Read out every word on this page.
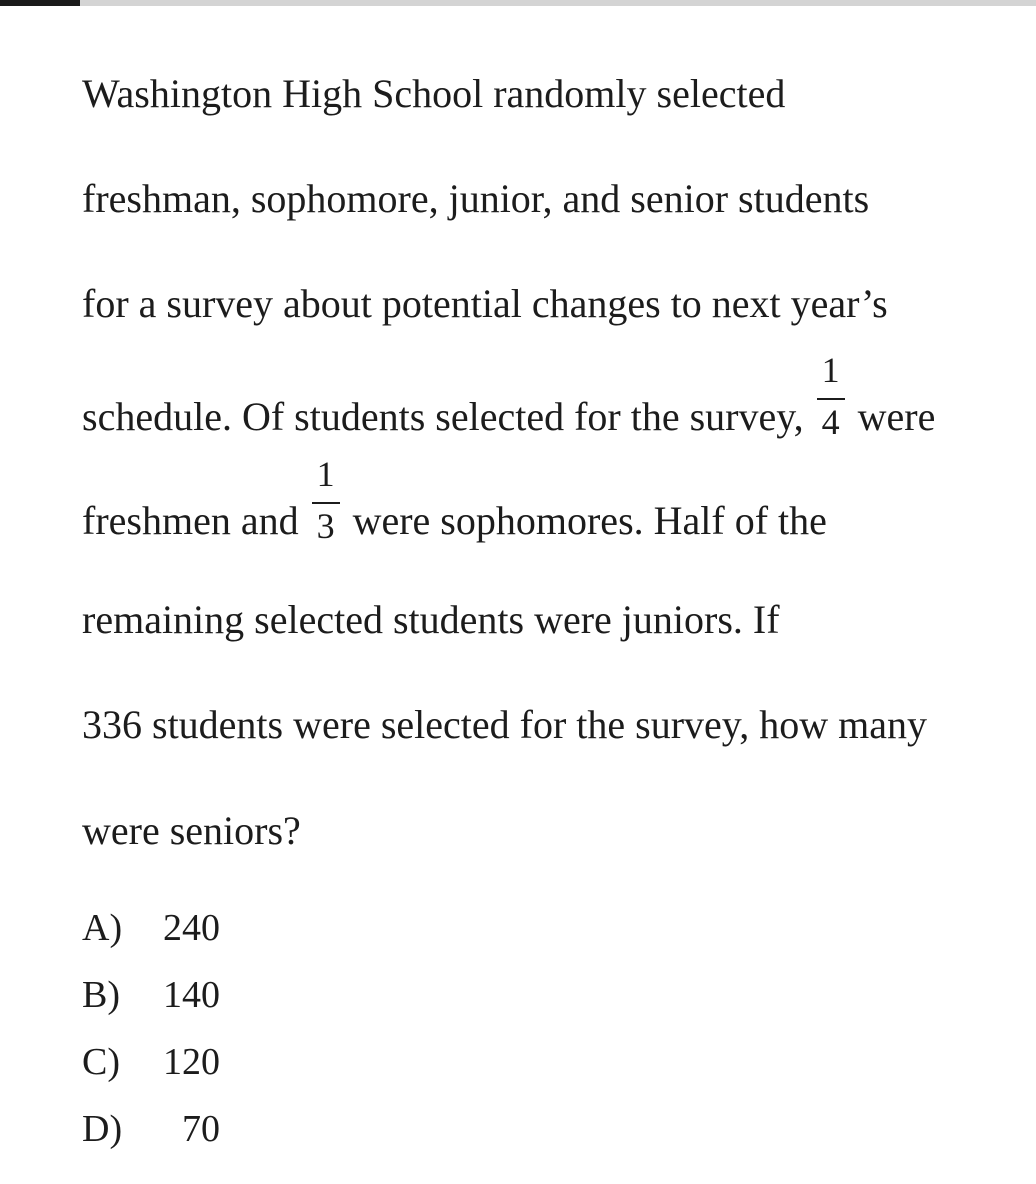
Washington High School randomly selected
freshman, sophomore, junior, and senior students
for a survey about potential changes to next year’s
schedule. Of students selected for the survey, $\frac{1}{4}$ were
freshmen and $\frac{1}{3}$ were sophomores. Half of the
remaining selected students were juniors. If
336 students were selected for the survey, how many
were seniors?
A) 240
B) 140
C) 120
D) 70
